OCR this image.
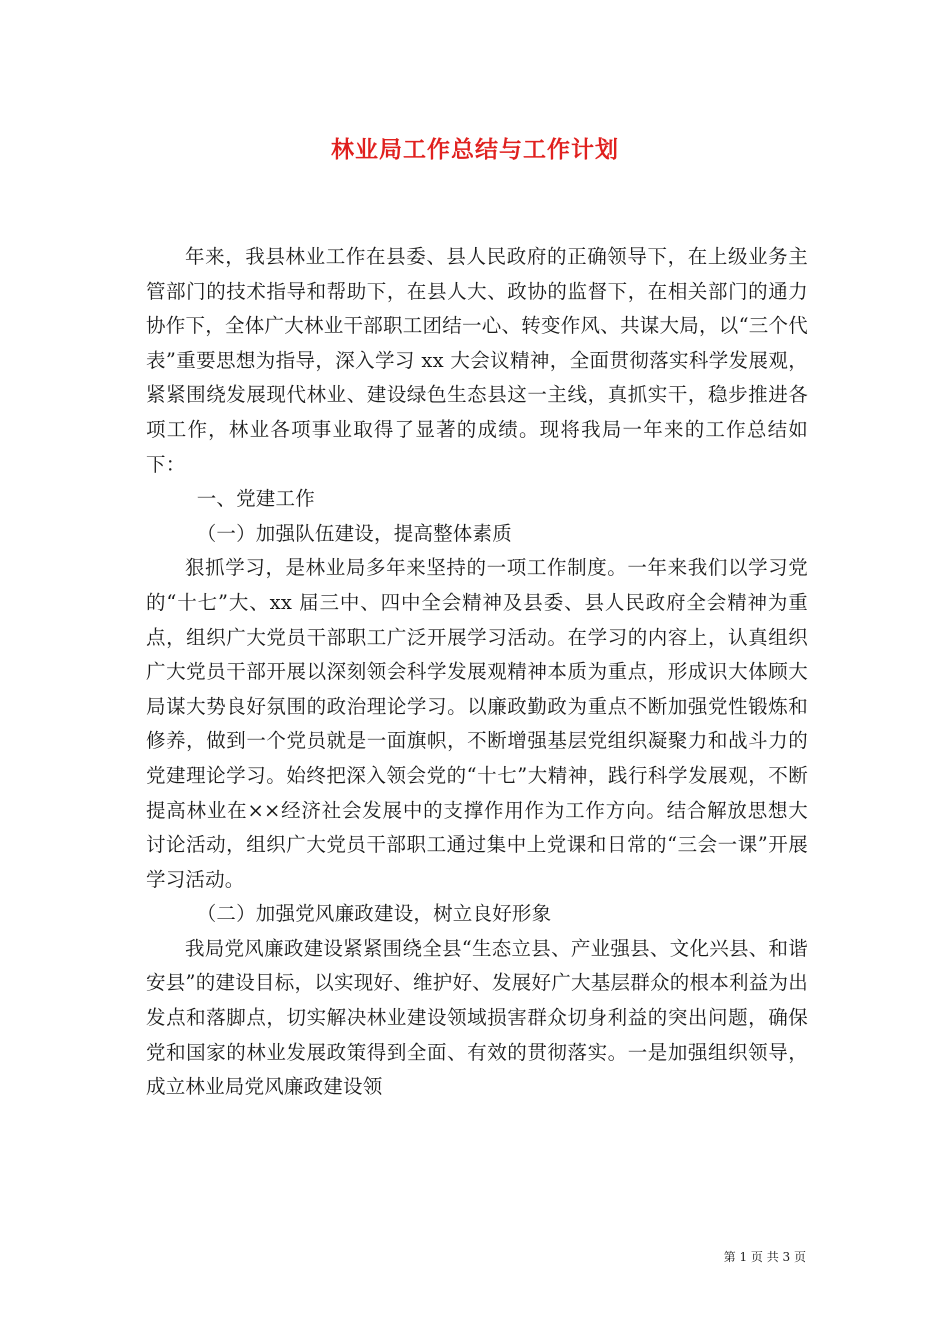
林业局工作总结与工作计划

年来，我县林业工作在县委、县人民政府的正确领导下，在上级业务主管部门的技术指导和帮助下，在县人大、政协的监督下，在相关部门的通力协作下，全体广大林业干部职工团结一心、转变作风、共谋大局，以“三个代表”重要思想为指导，深入学习 xx 大会议精神，全面贯彻落实科学发展观，紧紧围绕发展现代林业、建设绿色生态县这一主线，真抓实干，稳步推进各项工作，林业各项事业取得了显著的成绩。现将我局一年来的工作总结如下：

一、党建工作

（一）加强队伍建设，提高整体素质

狠抓学习，是林业局多年来坚持的一项工作制度。一年来我们以学习党的“十七”大、xx 届三中、四中全会精神及县委、县人民政府全会精神为重点，组织广大党员干部职工广泛开展学习活动。在学习的内容上，认真组织广大党员干部开展以深刻领会科学发展观精神本质为重点，形成识大体顾大局谋大势良好氛围的政治理论学习。以廉政勤政为重点不断加强党性锻炼和修养，做到一个党员就是一面旗帜，不断增强基层党组织凝聚力和战斗力的党建理论学习。始终把深入领会党的“十七”大精神，践行科学发展观，不断提高林业在××经济社会发展中的支撑作用作为工作方向。结合解放思想大讨论活动，组织广大党员干部职工通过集中上党课和日常的“三会一课”开展学习活动。

（二）加强党风廉政建设，树立良好形象

我局党风廉政建设紧紧围绕全县“生态立县、产业强县、文化兴县、和谐安县”的建设目标，以实现好、维护好、发展好广大基层群众的根本利益为出发点和落脚点，切实解决林业建设领域损害群众切身利益的突出问题，确保党和国家的林业发展政策得到全面、有效的贯彻落实。一是加强组织领导，成立林业局党风廉政建设领

第 1 页 共 3 页
